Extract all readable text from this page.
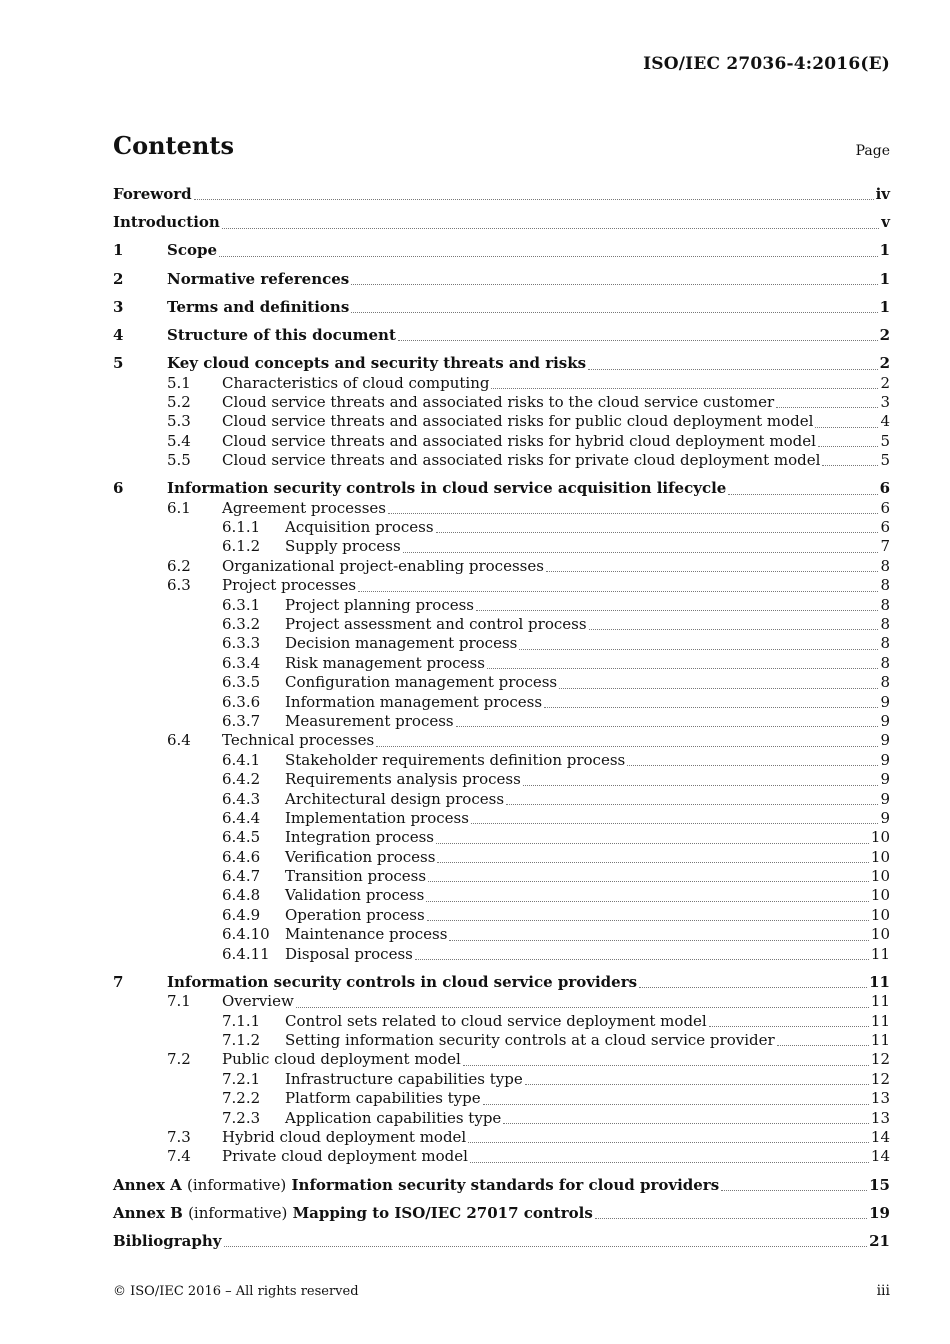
ISO/IEC 27036-4:2016(E)
Contents	Page
Foreword	iv
Introduction	v
1	Scope	1
2	Normative references	1
3	Terms and definitions	1
4	Structure of this document	2
5	Key cloud concepts and security threats and risks	2
5.1 Characteristics of cloud computing	2
5.2 Cloud service threats and associated risks to the cloud service customer	3
5.3 Cloud service threats and associated risks for public cloud deployment model	4
5.4 Cloud service threats and associated risks for hybrid cloud deployment model	5
5.5 Cloud service threats and associated risks for private cloud deployment model	5
6	Information security controls in cloud service acquisition lifecycle	6
6.1 Agreement processes	6
6.1.1 Acquisition process	6
6.1.2 Supply process	7
6.2 Organizational project-enabling processes	8
6.3 Project processes	8
6.3.1 Project planning process	8
6.3.2 Project assessment and control process	8
6.3.3 Decision management process	8
6.3.4 Risk management process	8
6.3.5 Configuration management process	8
6.3.6 Information management process	9
6.3.7 Measurement process	9
6.4 Technical processes	9
6.4.1 Stakeholder requirements definition process	9
6.4.2 Requirements analysis process	9
6.4.3 Architectural design process	9
6.4.4 Implementation process	9
6.4.5 Integration process	10
6.4.6 Verification process	10
6.4.7 Transition process	10
6.4.8 Validation process	10
6.4.9 Operation process	10
6.4.10 Maintenance process	10
6.4.11 Disposal process	11
7	Information security controls in cloud service providers	11
7.1 Overview	11
7.1.1 Control sets related to cloud service deployment model	11
7.1.2 Setting information security controls at a cloud service provider	11
7.2 Public cloud deployment model	12
7.2.1 Infrastructure capabilities type	12
7.2.2 Platform capabilities type	13
7.2.3 Application capabilities type	13
7.3 Hybrid cloud deployment model	14
7.4 Private cloud deployment model	14
Annex A (informative) Information security standards for cloud providers	15
Annex B (informative) Mapping to ISO/IEC 27017 controls	19
Bibliography	21
© ISO/IEC 2016 – All rights reserved	iii
